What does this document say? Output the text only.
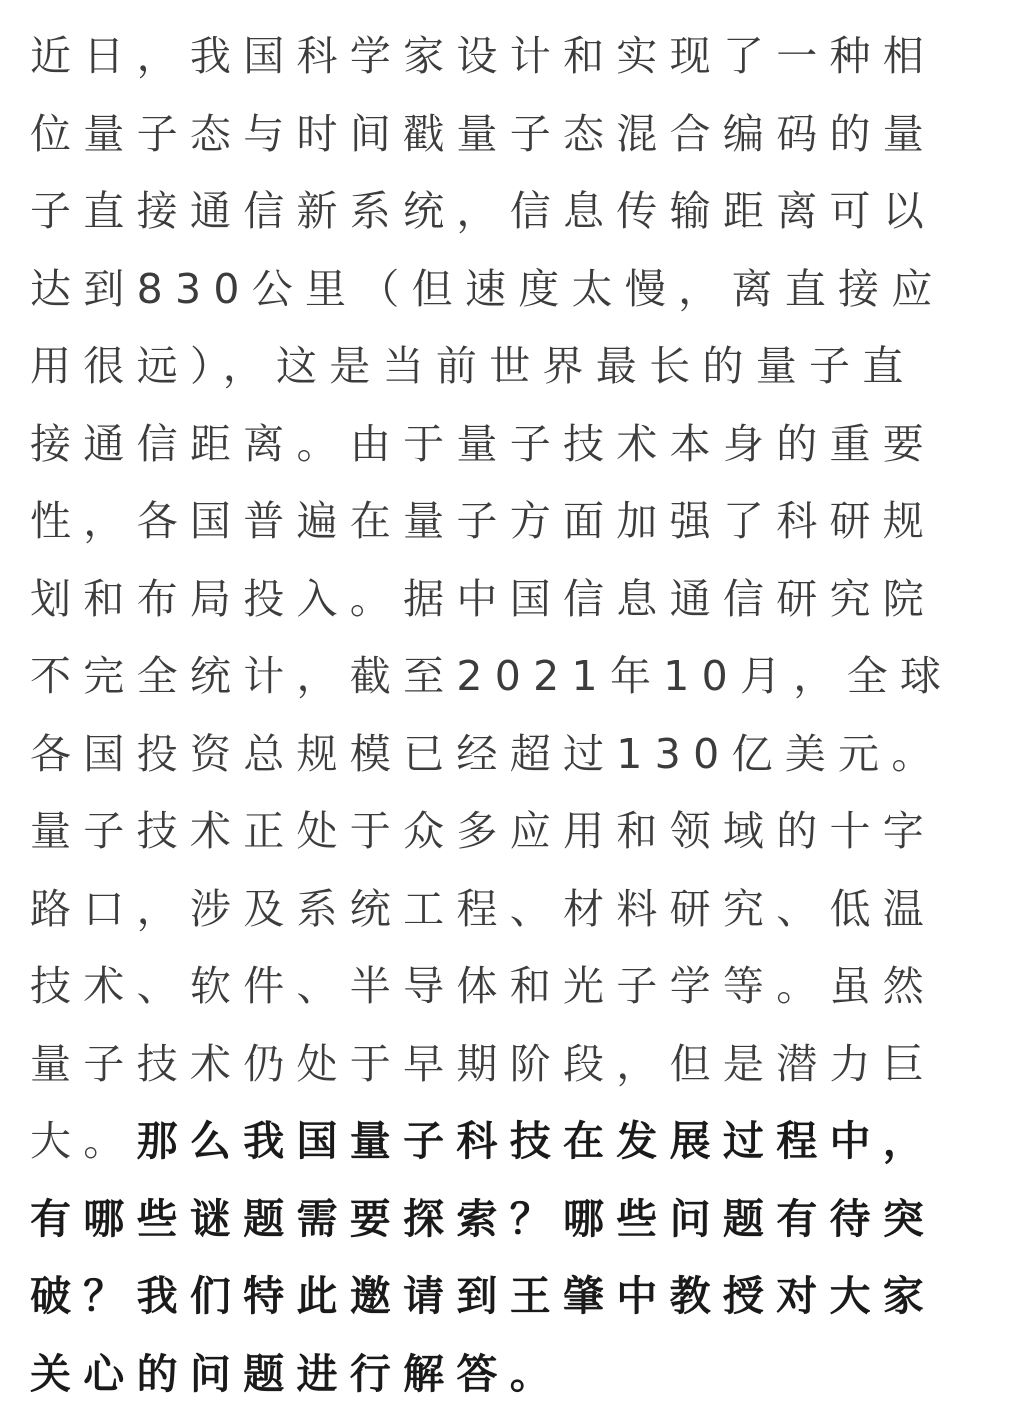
近日，我国科学家设计和实现了一种相
位量子态与时间戳量子态混合编码的量
子直接通信新系统，信息传输距离可以
达到830公里（但速度太慢，离直接应
用很远），这是当前世界最长的量子直
接通信距离。由于量子技术本身的重要
性，各国普遍在量子方面加强了科研规
划和布局投入。据中国信息通信研究院
不完全统计，截至2021年10月，全球
各国投资总规模已经超过130亿美元。
量子技术正处于众多应用和领域的十字
路口，涉及系统工程、材料研究、低温
技术、软件、半导体和光子学等。虽然
量子技术仍处于早期阶段，但是潜力巨
大。那么我国量子科技在发展过程中，
有哪些谜题需要探索？哪些问题有待突
破？我们特此邀请到王肇中教授对大家
关心的问题进行解答。
